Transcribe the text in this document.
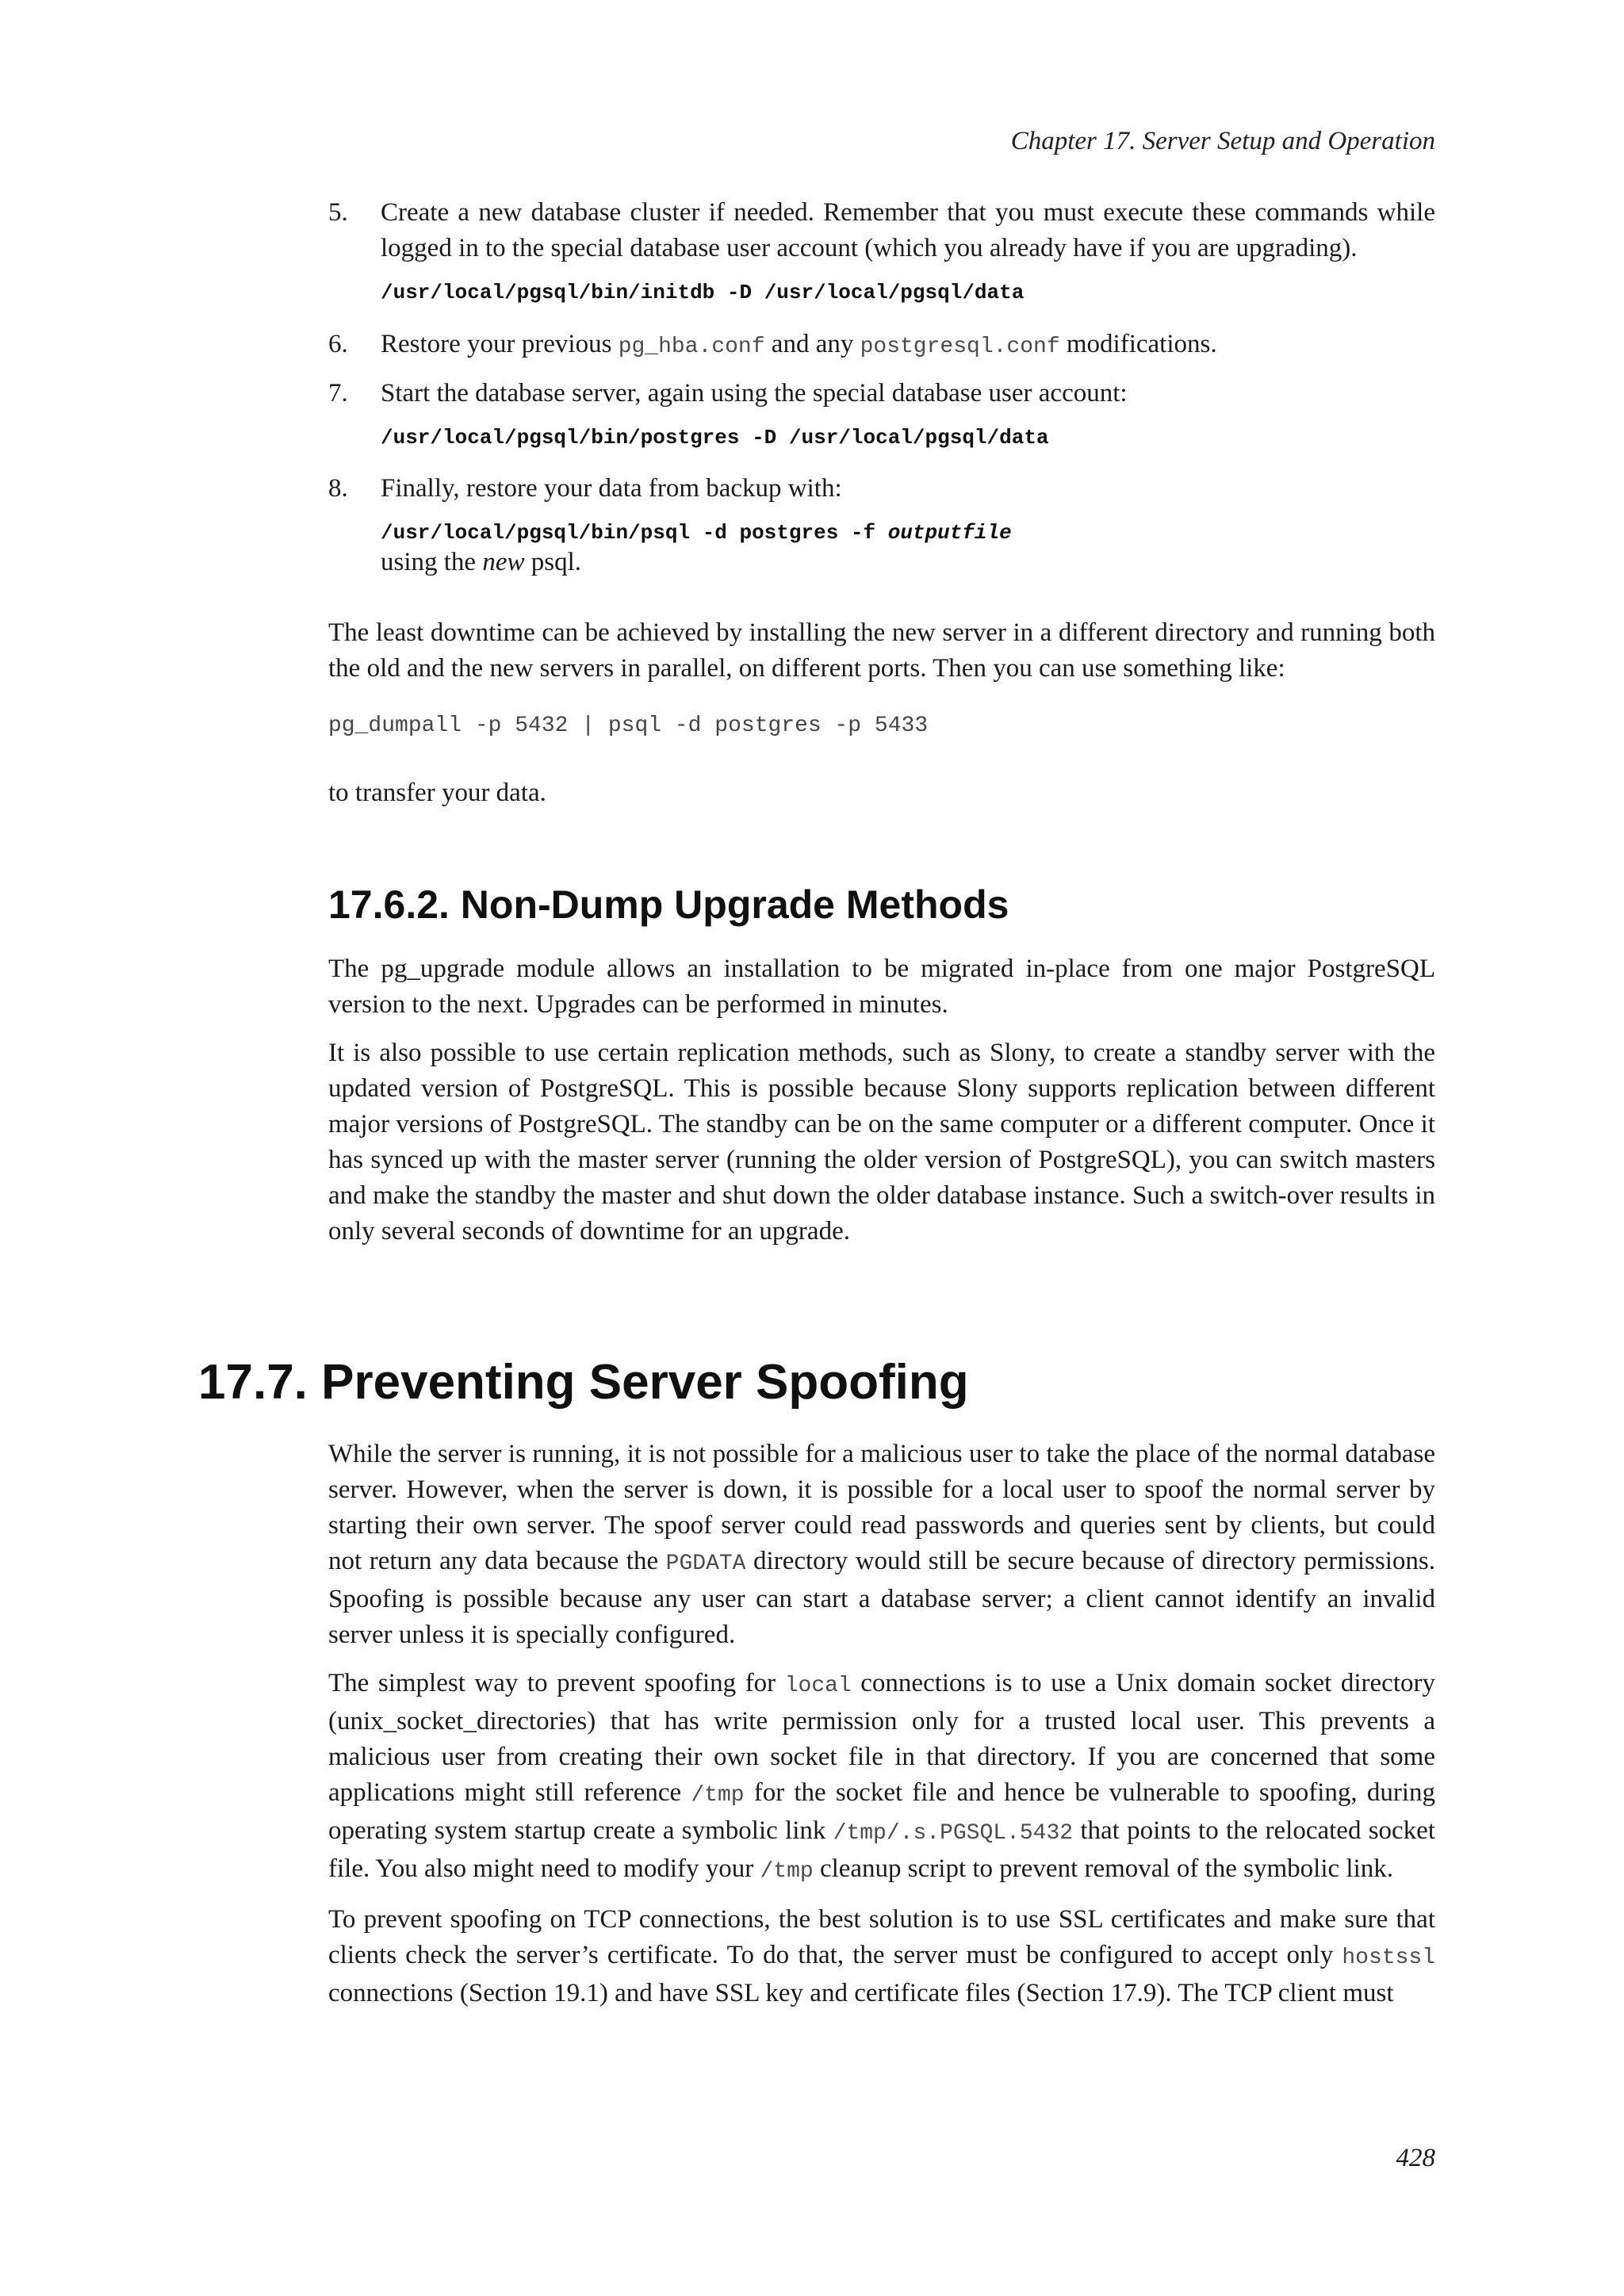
Chapter 17. Server Setup and Operation
5. Create a new database cluster if needed. Remember that you must execute these commands while logged in to the special database user account (which you already have if you are upgrading).
/usr/local/pgsql/bin/initdb -D /usr/local/pgsql/data
6. Restore your previous pg_hba.conf and any postgresql.conf modifications.
7. Start the database server, again using the special database user account:
/usr/local/pgsql/bin/postgres -D /usr/local/pgsql/data
8. Finally, restore your data from backup with:
/usr/local/pgsql/bin/psql -d postgres -f outputfile
using the new psql.

The least downtime can be achieved by installing the new server in a different directory and running both the old and the new servers in parallel, on different ports. Then you can use something like:

pg_dumpall -p 5432 | psql -d postgres -p 5433

to transfer your data.

17.6.2. Non-Dump Upgrade Methods

The pg_upgrade module allows an installation to be migrated in-place from one major PostgreSQL version to the next. Upgrades can be performed in minutes.

It is also possible to use certain replication methods, such as Slony, to create a standby server with the updated version of PostgreSQL. This is possible because Slony supports replication between different major versions of PostgreSQL. The standby can be on the same computer or a different computer. Once it has synced up with the master server (running the older version of PostgreSQL), you can switch masters and make the standby the master and shut down the older database instance. Such a switch-over results in only several seconds of downtime for an upgrade.

17.7. Preventing Server Spoofing

While the server is running, it is not possible for a malicious user to take the place of the normal database server. However, when the server is down, it is possible for a local user to spoof the normal server by starting their own server. The spoof server could read passwords and queries sent by clients, but could not return any data because the PGDATA directory would still be secure because of directory permissions. Spoofing is possible because any user can start a database server; a client cannot identify an invalid server unless it is specially configured.

The simplest way to prevent spoofing for local connections is to use a Unix domain socket directory (unix_socket_directories) that has write permission only for a trusted local user. This prevents a malicious user from creating their own socket file in that directory. If you are concerned that some applications might still reference /tmp for the socket file and hence be vulnerable to spoofing, during operating system startup create a symbolic link /tmp/.s.PGSQL.5432 that points to the relocated socket file. You also might need to modify your /tmp cleanup script to prevent removal of the symbolic link.

To prevent spoofing on TCP connections, the best solution is to use SSL certificates and make sure that clients check the server’s certificate. To do that, the server must be configured to accept only hostssl connections (Section 19.1) and have SSL key and certificate files (Section 17.9). The TCP client must

428
